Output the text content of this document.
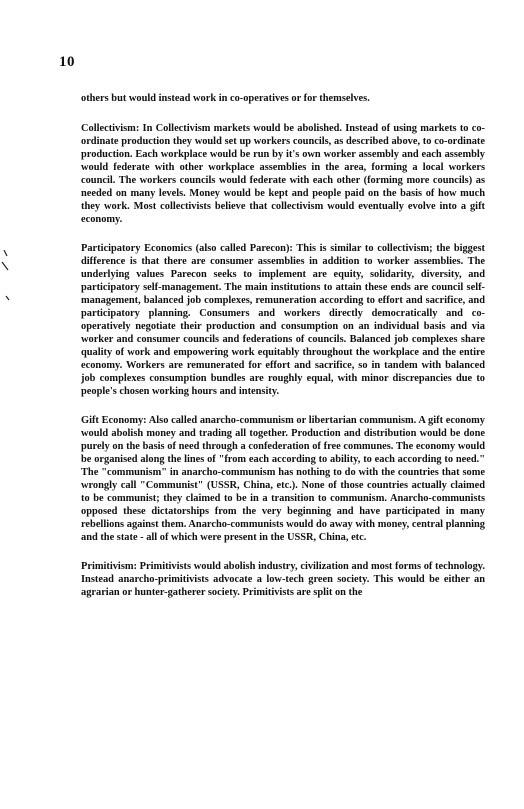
10

others but would instead work in co-operatives or for themselves.

Collectivism: In Collectivism markets would be abolished. Instead of using markets to co-ordinate production they would set up workers councils, as described above, to co-ordinate production. Each workplace would be run by it's own worker assembly and each assembly would federate with other workplace assemblies in the area, forming a local workers council. The workers councils would federate with each other (forming more councils) as needed on many levels. Money would be kept and people paid on the basis of how much they work. Most collectivists believe that collectivism would eventually evolve into a gift economy.

Participatory Economics (also called Parecon): This is similar to collectivism; the biggest difference is that there are consumer assemblies in addition to worker assemblies. The underlying values Parecon seeks to implement are equity, solidarity, diversity, and participatory self-management. The main institutions to attain these ends are council self-management, balanced job complexes, remuneration according to effort and sacrifice, and participatory planning. Consumers and workers directly democratically and co-operatively negotiate their production and consumption on an individual basis and via worker and consumer councils and federations of councils. Balanced job complexes share quality of work and empowering work equitably throughout the workplace and the entire economy. Workers are remunerated for effort and sacrifice, so in tandem with balanced job complexes consumption bundles are roughly equal, with minor discrepancies due to people's chosen working hours and intensity.

Gift Economy: Also called anarcho-communism or libertarian communism. A gift economy would abolish money and trading all together. Production and distribution would be done purely on the basis of need through a confederation of free communes. The economy would be organised along the lines of "from each according to ability, to each according to need." The "communism" in anarcho-communism has nothing to do with the countries that some wrongly call "Communist" (USSR, China, etc.). None of those countries actually claimed to be communist; they claimed to be in a transition to communism. Anarcho-communists opposed these dictatorships from the very beginning and have participated in many rebellions against them. Anarcho-communists would do away with money, central planning and the state - all of which were present in the USSR, China, etc.

Primitivism: Primitivists would abolish industry, civilization and most forms of technology. Instead anarcho-primitivists advocate a low-tech green society. This would be either an agrarian or hunter-gatherer society. Primitivists are split on the
